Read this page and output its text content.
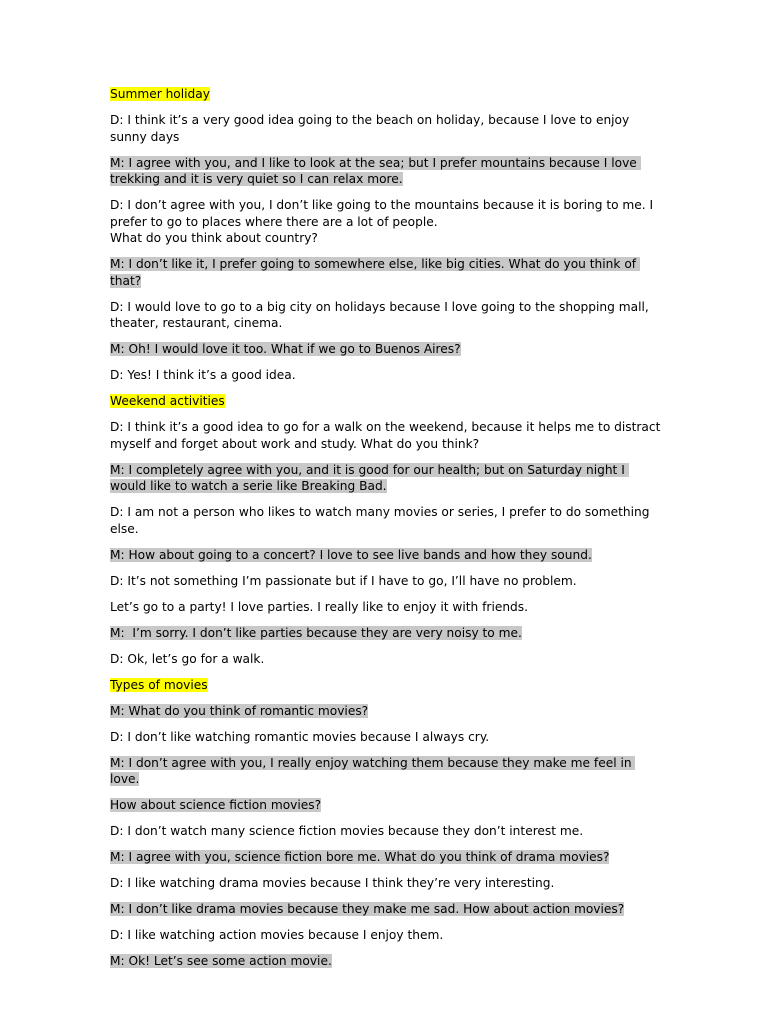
Summer holiday

D: I think it’s a very good idea going to the beach on holiday, because I love to enjoy sunny days

M: I agree with you, and I like to look at the sea; but I prefer mountains because I love trekking and it is very quiet so I can relax more.

D: I don’t agree with you, I don’t like going to the mountains because it is boring to me. I prefer to go to places where there are a lot of people.
What do you think about country?

M: I don’t like it, I prefer going to somewhere else, like big cities. What do you think of that?

D: I would love to go to a big city on holidays because I love going to the shopping mall, theater, restaurant, cinema.

M: Oh! I would love it too. What if we go to Buenos Aires?

D: Yes! I think it’s a good idea.

Weekend activities

D: I think it’s a good idea to go for a walk on the weekend, because it helps me to distract myself and forget about work and study. What do you think?

M: I completely agree with you, and it is good for our health; but on Saturday night I would like to watch a serie like Breaking Bad.

D: I am not a person who likes to watch many movies or series, I prefer to do something else.

M: How about going to a concert? I love to see live bands and how they sound.

D: It’s not something I’m passionate but if I have to go, I’ll have no problem.

Let’s go to a party! I love parties. I really like to enjoy it with friends.

M:  I’m sorry. I don’t like parties because they are very noisy to me.

D: Ok, let’s go for a walk.

Types of movies

M: What do you think of romantic movies?

D: I don’t like watching romantic movies because I always cry.

M: I don’t agree with you, I really enjoy watching them because they make me feel in love.

How about science fiction movies?

D: I don’t watch many science fiction movies because they don’t interest me.

M: I agree with you, science fiction bore me. What do you think of drama movies?

D: I like watching drama movies because I think they’re very interesting.

M: I don’t like drama movies because they make me sad. How about action movies?

D: I like watching action movies because I enjoy them.

M: Ok! Let’s see some action movie.
